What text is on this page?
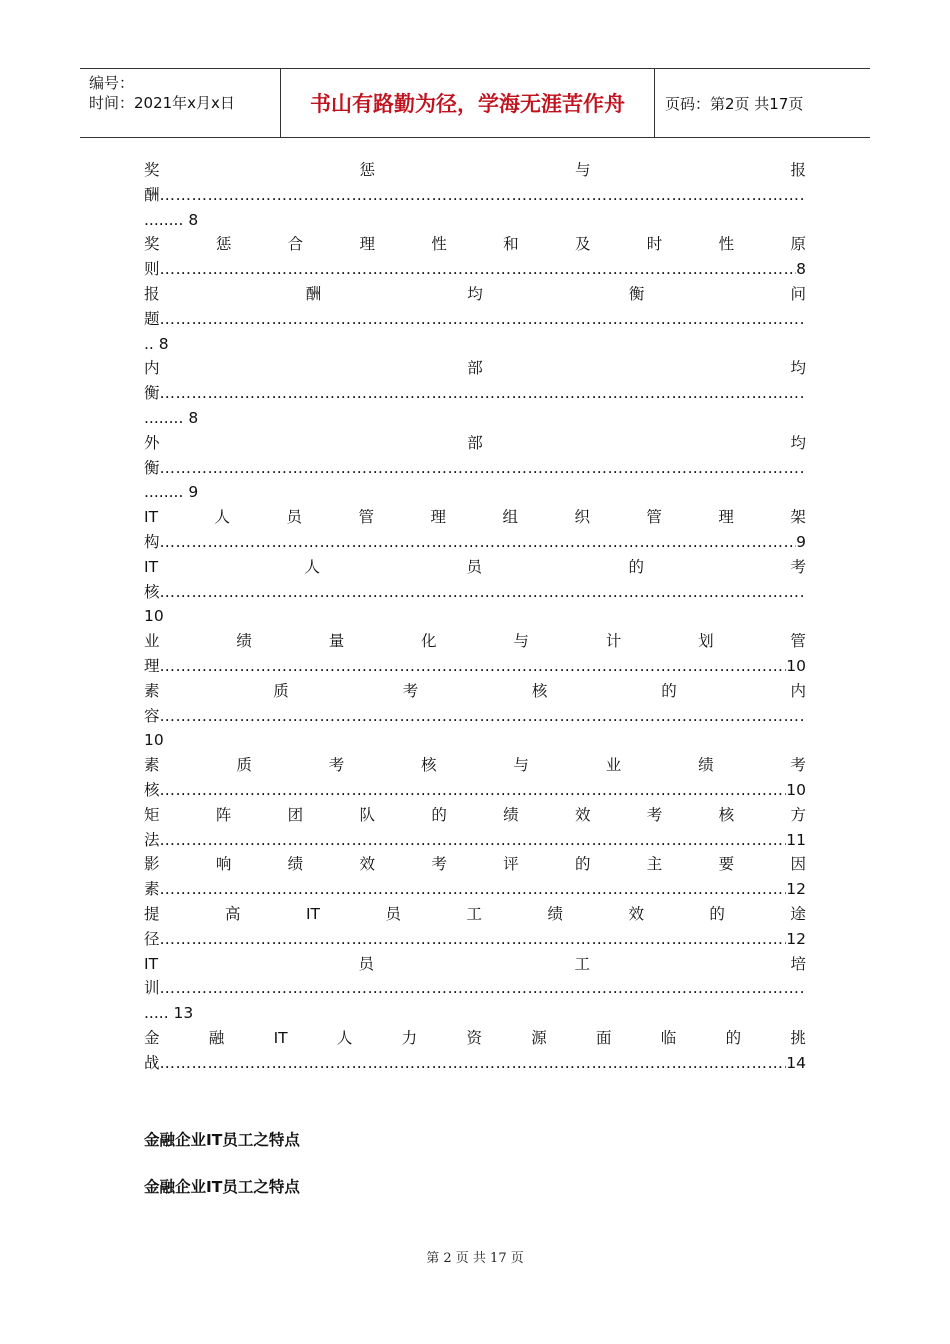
编号：
时间：2021年x月x日	书山有路勤为径，学海无涯苦作舟	页码：第2页 共17页
奖	惩	与	报
酬
…………………………………………………………………………………………………………………………………………………………………
........ 8
奖	惩	合	理	性	和	及	时	性	原
则 …………………………………………………………………………………………………………………………………………………………………	8
报	酬	均	衡	问
题
…………………………………………………………………………………………………………………………………………………………………
.. 8
内	部	均
衡
…………………………………………………………………………………………………………………………………………………………………
........ 8
外	部	均
衡
…………………………………………………………………………………………………………………………………………………………………
........ 9
IT	人	员	管	理	组	织	管	理	架
构 …………………………………………………………………………………………………………………………………………………………………	9
IT	人	员	的	考
核
…………………………………………………………………………………………………………………………………………………………………
10
业	绩	量	化	与	计	划	管
理 …………………………………………………………………………………………………………………………………………………………………	10
素	质	考	核	的	内
容
…………………………………………………………………………………………………………………………………………………………………
10
素	质	考	核	与	业	绩	考
核 …………………………………………………………………………………………………………………………………………………………………	10
矩	阵	团	队	的	绩	效	考	核	方
法 …………………………………………………………………………………………………………………………………………………………………	11
影	响	绩	效	考	评	的	主	要	因
素 …………………………………………………………………………………………………………………………………………………………………	12
提	高	IT	员	工	绩	效	的	途
径 …………………………………………………………………………………………………………………………………………………………………	12
IT	员	工	培
训
…………………………………………………………………………………………………………………………………………………………………
..... 13
金	融	IT	人	力	资	源	面	临	的	挑
战 …………………………………………………………………………………………………………………………………………………………………	14
金融企业IT员工之特点
金融企业IT员工之特点
第 2 页 共 17 页
